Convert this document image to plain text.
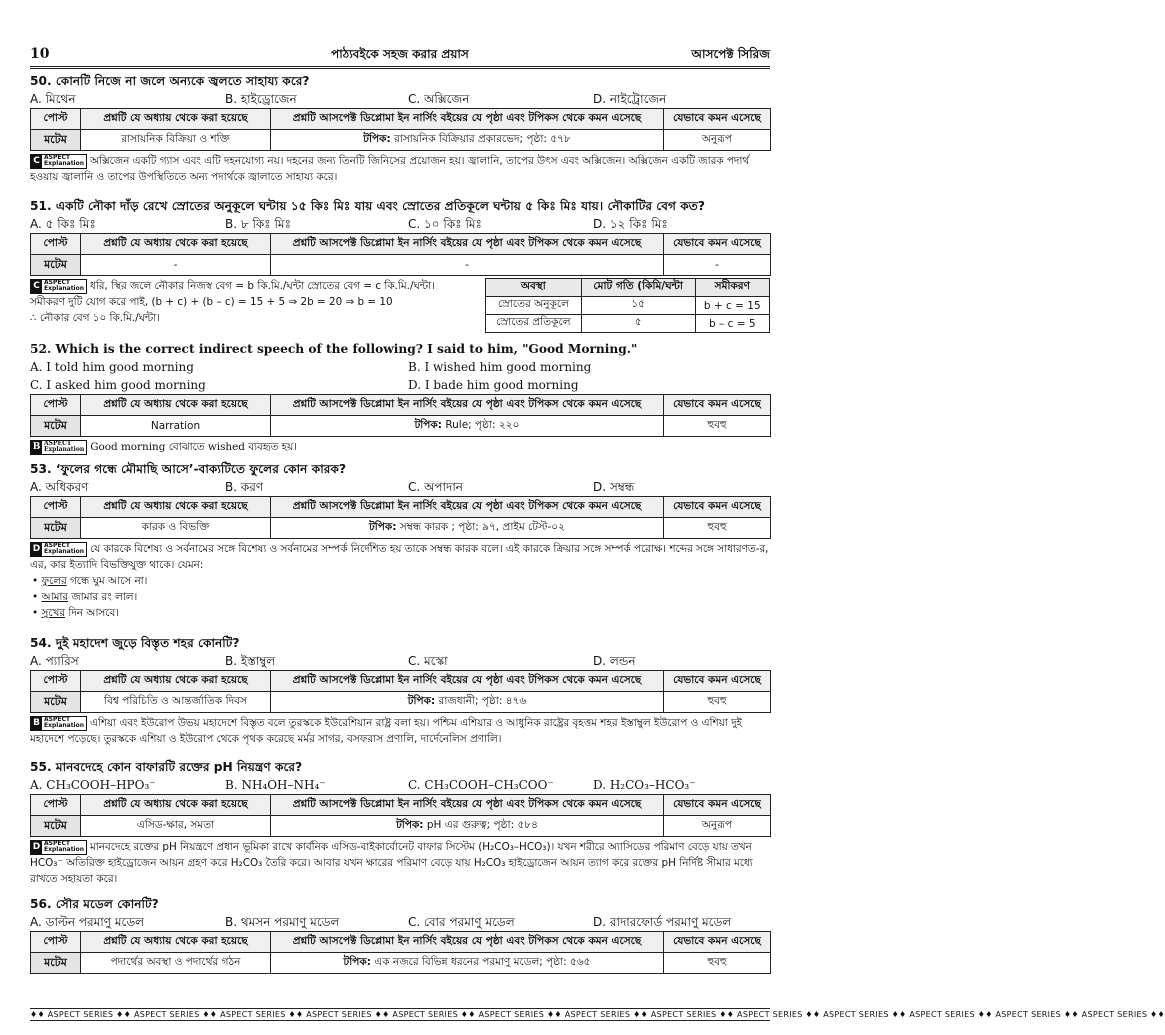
10	পাঠ্যবইকে সহজ করার প্রয়াস	আসপেক্ট সিরিজ
50. কোনটি নিজে না জলে অন্যকে জ্বলতে সাহায্য করে?
A. মিথেন	B. হাইড্রোজেন	C. অক্সিজেন	D. নাইট্রোজেন
পোস্ট	প্রশ্নটি যে অধ্যায় থেকে করা হয়েছে	প্রশ্নটি আসপেক্ট ডিপ্লোমা ইন নার্সিং বইয়ের যে পৃষ্ঠা এবং টপিকস থেকে কমন এসেছে	যেভাবে কমন এসেছে
মটেম	রাসায়নিক বিক্রিয়া ও শক্তি	টপিক: রাসায়নিক বিক্রিয়ার প্রকারভেদ; পৃষ্ঠা: ৫৭৮	অনুরূপ
C ASPECT
Explanation অক্সিজেন একটি গ্যাস এবং এটি দহনযোগ্য নয়। দহনের জন্য তিনটি জিনিসের প্রয়োজন হয়। জ্বালানি, তাপের উৎস এবং অক্সিজেন। অক্সিজেন একটি জারক পদার্থ হওয়ায় জ্বালানি ও তাপের উপস্থিতিতে অন্য পদার্থকে জ্বালাতে সাহায্য করে।
51. একটি নৌকা দাঁড় রেখে স্রোতের অনুকূলে ঘন্টায় ১৫ কিঃ মিঃ যায় এবং স্রোতের প্রতিকূলে ঘন্টায় ৫ কিঃ মিঃ যায়। নৌকাটির বেগ কত?
A. ৫ কিঃ মিঃ	B. ৮ কিঃ মিঃ	C. ১০ কিঃ মিঃ	D. ১২ কিঃ মিঃ
পোস্ট	প্রশ্নটি যে অধ্যায় থেকে করা হয়েছে	প্রশ্নটি আসপেক্ট ডিপ্লোমা ইন নার্সিং বইয়ের যে পৃষ্ঠা এবং টপিকস থেকে কমন এসেছে	যেভাবে কমন এসেছে
মটেম	-	-	-
C ASPECT
Explanation ধরি, স্থির জলে নৌকার নিজস্ব বেগ = b কি.মি./ঘন্টা স্রোতের বেগ = c কি.মি./ঘন্টা।
সমীকরণ দুটি যোগ করে পাই, (b + c) + (b – c) = 15 + 5 ⇒ 2b = 20 ⇒ b = 10
∴ নৌকার বেগ ১০ কি.মি./ঘন্টা।
অবস্থা	মোট গতি (কিমি/ঘন্টা	সমীকরণ
স্রোতের অনুকূলে	১৫	b + c = 15
স্রোতের প্রতিকূলে	৫	b – c = 5
52. Which is the correct indirect speech of the following? I said to him, "Good Morning."
A. I told him good morning	B. I wished him good morning
C. I asked him good morning	D. I bade him good morning
পোস্ট	প্রশ্নটি যে অধ্যায় থেকে করা হয়েছে	প্রশ্নটি আসপেক্ট ডিপ্লোমা ইন নার্সিং বইয়ের যে পৃষ্ঠা এবং টপিকস থেকে কমন এসেছে	যেভাবে কমন এসেছে
মটেম	Narration	টপিক: Rule; পৃষ্ঠা: ২২০	হুবহু
B ASPECT
Explanation Good morning বোঝাতে wished ব্যবহৃত হয়।
53. ‘ফুলের গন্ধে মৌমাছি আসে’-বাক্যটিতে ফুলের কোন কারক?
A. অধিকরণ	B. করণ	C. অপাদান	D. সম্বন্ধ
পোস্ট	প্রশ্নটি যে অধ্যায় থেকে করা হয়েছে	প্রশ্নটি আসপেক্ট ডিপ্লোমা ইন নার্সিং বইয়ের যে পৃষ্ঠা এবং টপিকস থেকে কমন এসেছে	যেভাবে কমন এসেছে
মটেম	কারক ও বিভক্তি	টপিক: সম্বন্ধ কারক ; পৃষ্ঠা: ৯৭, প্রাইম টেস্ট-০২	হুবহু
D ASPECT
Explanation যে কারকে বিশেষ্য ও সর্বনামের সঙ্গে বিশেষ্য ও সর্বনামের সম্পর্ক নির্দেশিত হয় তাকে সম্বন্ধ কারক বলে। এই কারকে ক্রিয়ার সঙ্গে সম্পর্ক পরোক্ষ। শব্দের সঙ্গে সাধারণত-র, এর, কার ইত্যাদি বিভক্তিযুক্ত থাকে। যেমন:
• ফুলের গন্ধে ঘুম আসে না।
• আমার জামার রং লাল।
• সুখের দিন আসবে।
54. দুই মহাদেশ জুড়ে বিস্তৃত শহর কোনটি?
A. প্যারিস	B. ইস্তাম্বুল	C. মস্কো	D. লন্ডন
পোস্ট	প্রশ্নটি যে অধ্যায় থেকে করা হয়েছে	প্রশ্নটি আসপেক্ট ডিপ্লোমা ইন নার্সিং বইয়ের যে পৃষ্ঠা এবং টপিকস থেকে কমন এসেছে	যেভাবে কমন এসেছে
মটেম	বিশ্ব পরিচিতি ও আন্তর্জাতিক দিবস	টপিক: রাজধানী; পৃষ্ঠা: ৪৭৬	হুবহু
B ASPECT
Explanation এশিয়া এবং ইউরোপ উভয় মহাদেশে বিস্তৃত বলে তুরস্ককে ইউরেশিয়ান রাষ্ট্র বলা হয়। পশ্চিম এশিয়ার ও আধুনিক রাষ্ট্রের বৃহত্তম শহর ইস্তাম্বুল ইউরোপ ও এশিয়া দুই মহাদেশে পড়েছে। তুরস্ককে এশিয়া ও ইউরোপ থেকে পৃথক করেছে মর্মর সাগর, বসফরাস প্রণালি, দার্দেনেলিস প্রণালি।
55. মানবদেহে কোন বাফারটি রক্তের pH নিয়ন্ত্রণ করে?
A. CH₃COOH–HPO₃⁻	B. NH₄OH–NH₄⁻	C. CH₃COOH–CH₃COO⁻	D. H₂CO₃–HCO₃⁻
পোস্ট	প্রশ্নটি যে অধ্যায় থেকে করা হয়েছে	প্রশ্নটি আসপেক্ট ডিপ্লোমা ইন নার্সিং বইয়ের যে পৃষ্ঠা এবং টপিকস থেকে কমন এসেছে	যেভাবে কমন এসেছে
মটেম	এসিড-ক্ষার, সমতা	টপিক: pH এর গুরুত্ব; পৃষ্ঠা: ৫৮৪	অনুরূপ
D ASPECT
Explanation মানবদেহে রক্তের pH নিয়ন্ত্রণে প্রধান ভূমিকা রাখে কার্বনিক এসিড-বাইকার্বোনেট বাফার সিস্টেম (H₂CO₃–HCO₃)। যখন শরীরে অ্যাসিডের পরিমাণ বেড়ে যায় তখন HCO₃⁻ অতিরিক্ত হাইড্রোজেন আয়ন গ্রহণ করে H₂CO₃ তৈরি করে। আবার যখন ক্ষারের পরিমাণ বেড়ে যায় H₂CO₃ হাইড্রোজেন আয়ন ত্যাগ করে রক্তের pH নির্দিষ্ট সীমার মধ্যে রাখতে সহায়তা করে।
56. সৌর মডেল কোনটি?
A. ডাল্টন পরমাণু মডেল	B. থমসন পরমাণু মডেল	C. বোর পরমাণু মডেল	D. রাদারফোর্ড পরমাণু মডেল
পোস্ট	প্রশ্নটি যে অধ্যায় থেকে করা হয়েছে	প্রশ্নটি আসপেক্ট ডিপ্লোমা ইন নার্সিং বইয়ের যে পৃষ্ঠা এবং টপিকস থেকে কমন এসেছে	যেভাবে কমন এসেছে
মটেম	পদার্থের অবস্থা ও পদার্থের গঠন	টপিক: এক নজরে বিভিন্ন ধরনের পরমাণু মডেল; পৃষ্ঠা: ৫৬৫	হুবহু
♦♦ ASPECT SERIES ♦♦ ASPECT SERIES ♦♦ ASPECT SERIES ♦♦ ASPECT SERIES ♦♦ ASPECT SERIES ♦♦ ASPECT SERIES ♦♦ ASPECT SERIES ♦♦ ASPECT SERIES ♦♦ ASPECT SERIES ♦♦ ASPECT SERIES ♦♦ ASPECT SERIES ♦♦ ASPECT SERIES ♦♦ ASPECT SERIES ♦♦
